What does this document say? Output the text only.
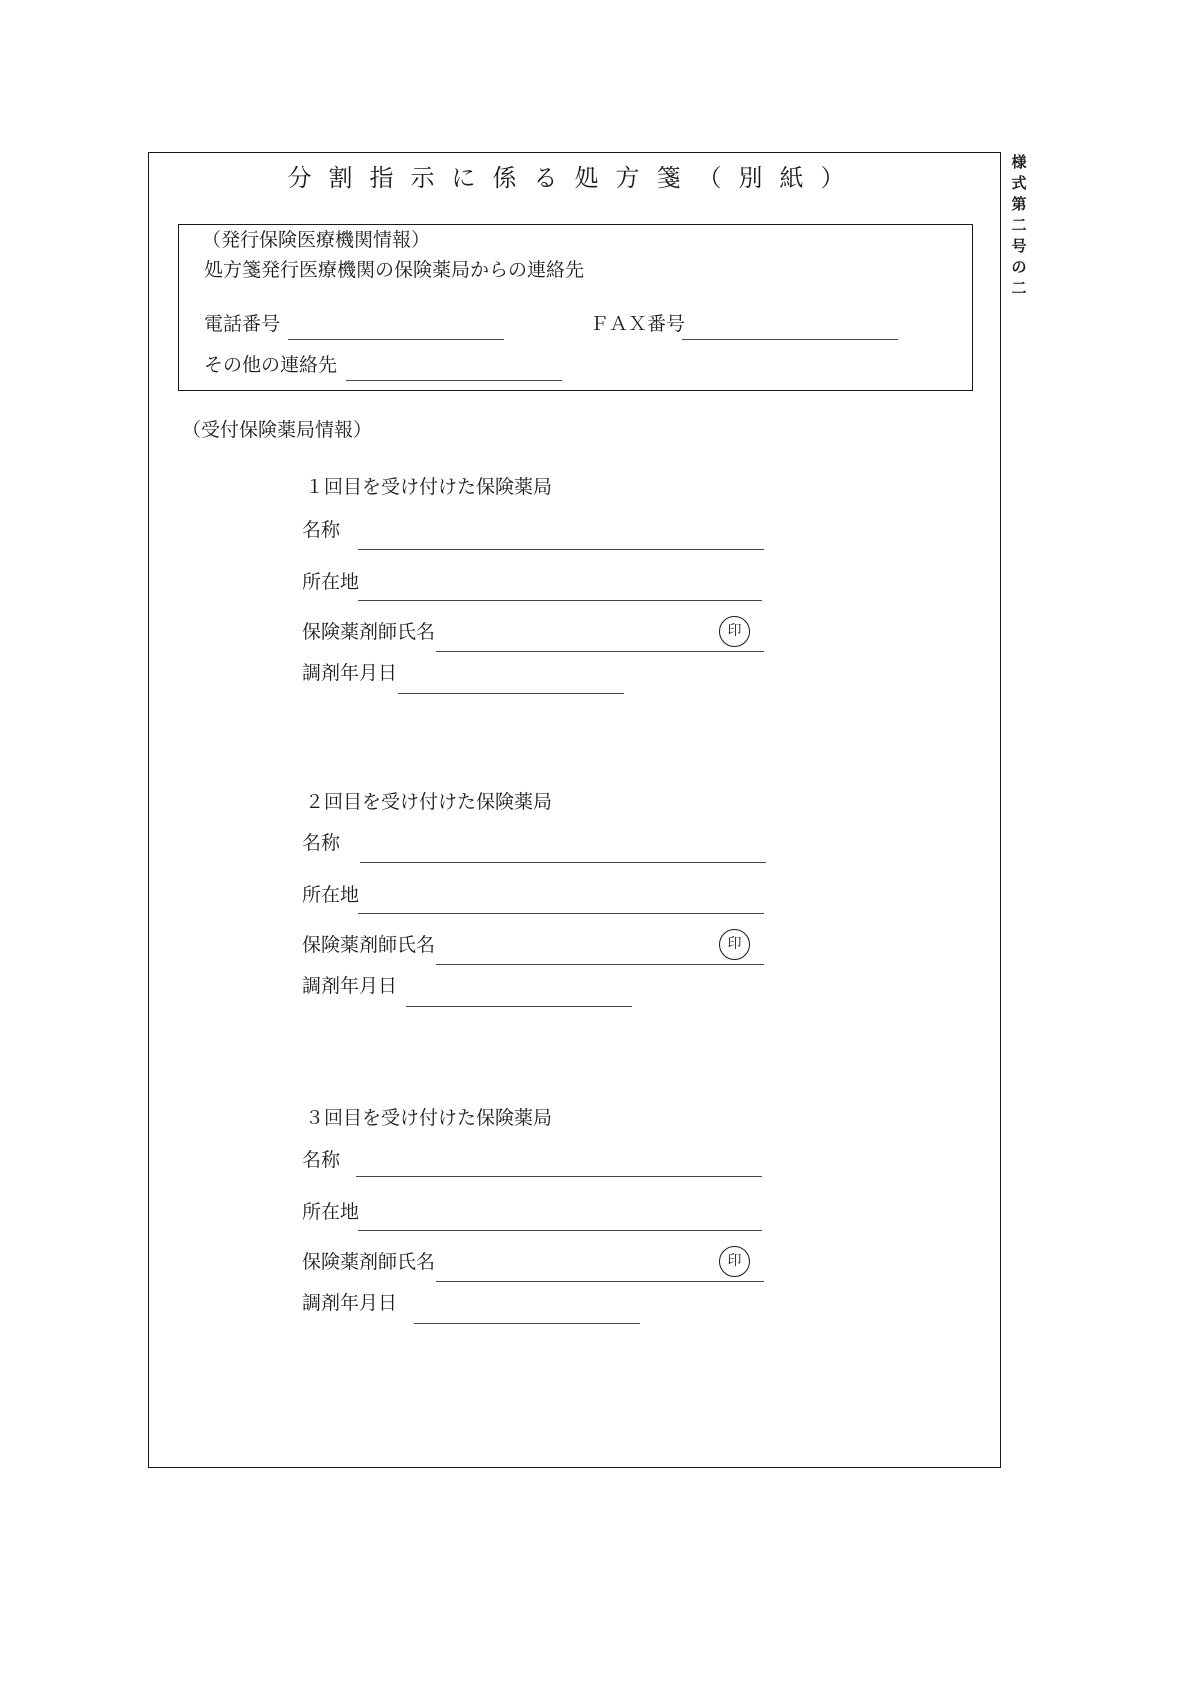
様
式
第
二
号
の
二
分割指示に係る処方箋（別紙）
（発行保険医療機関情報）
処方箋発行医療機関の保険薬局からの連絡先
電話番号	ＦＡＸ番号
その他の連絡先
（受付保険薬局情報）
１回目を受け付けた保険薬局
名称
所在地
保険薬剤師氏名	印
調剤年月日
２回目を受け付けた保険薬局
名称
所在地
保険薬剤師氏名	印
調剤年月日
３回目を受け付けた保険薬局
名称
所在地
保険薬剤師氏名	印
調剤年月日
